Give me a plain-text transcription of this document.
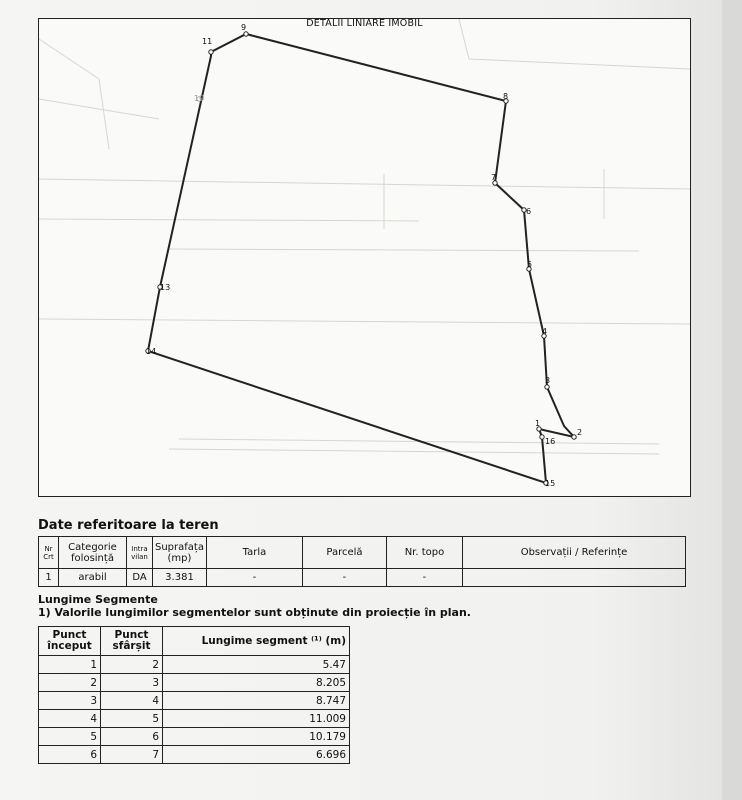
1
2
3
4
5
6
7
8
9
10
11
13
14
15
16
DETALII LINIARE IMOBIL
Date referitoare la teren
Nr Crt	Categorie folosință	Intra vilan	Suprafața (mp)	Tarla	Parcelă	Nr. topo	Observații / Referințe
1	arabil	DA	3.381	-	-	-	
Lungime Segmente
1) Valorile lungimilor segmentelor sunt obținute din proiecție în plan.
Punct început	Punct sfârșit	Lungime segment ⁽¹⁾ (m)
1	2	5.47
2	3	8.205
3	4	8.747
4	5	11.009
5	6	10.179
6	7	6.696
